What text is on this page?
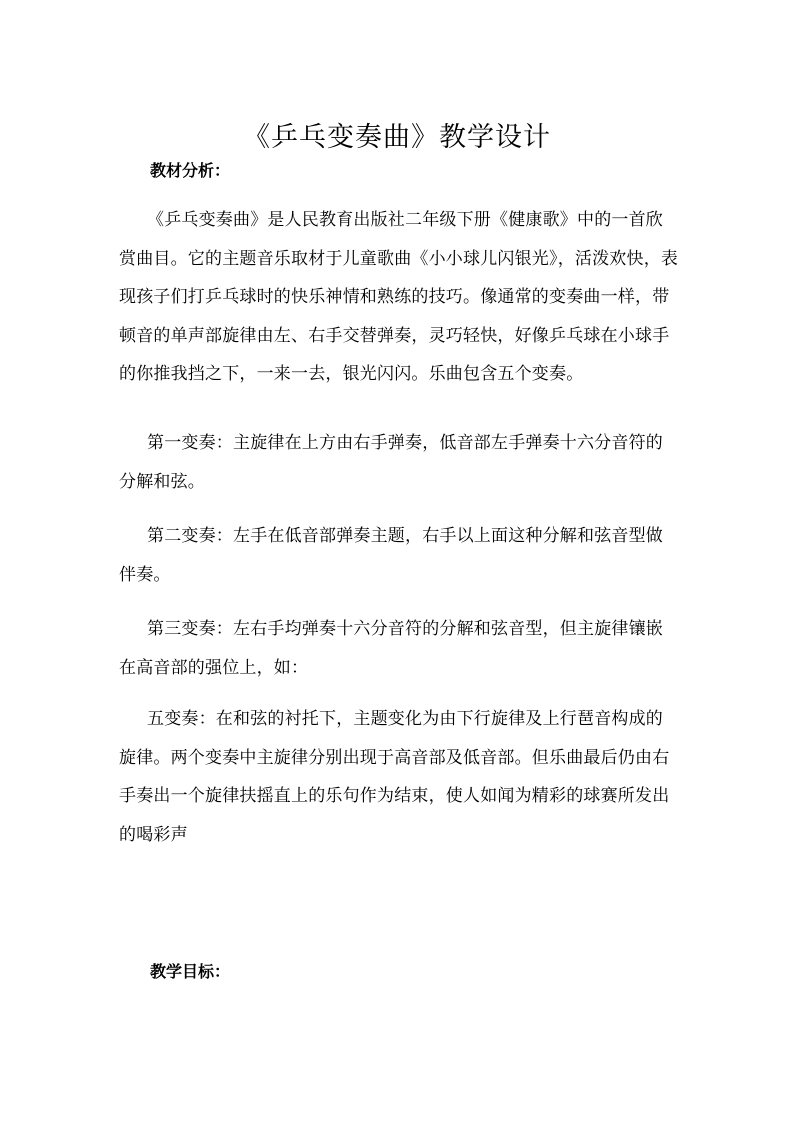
《乒乓变奏曲》教学设计
教材分析：

《乒乓变奏曲》是人民教育出版社二年级下册《健康歌》中的一首欣赏曲目。它的主题音乐取材于儿童歌曲《小小球儿闪银光》，活泼欢快，表现孩子们打乒乓球时的快乐神情和熟练的技巧。像通常的变奏曲一样，带顿音的单声部旋律由左、右手交替弹奏，灵巧轻快，好像乒乓球在小球手的你推我挡之下，一来一去，银光闪闪。乐曲包含五个变奏。

第一变奏：主旋律在上方由右手弹奏，低音部左手弹奏十六分音符的分解和弦。

第二变奏：左手在低音部弹奏主题，右手以上面这种分解和弦音型做伴奏。

第三变奏：左右手均弹奏十六分音符的分解和弦音型，但主旋律镶嵌在高音部的强位上，如：

五变奏：在和弦的衬托下，主题变化为由下行旋律及上行琶音构成的旋律。两个变奏中主旋律分别出现于高音部及低音部。但乐曲最后仍由右手奏出一个旋律扶摇直上的乐句作为结束，使人如闻为精彩的球赛所发出的喝彩声

教学目标：
